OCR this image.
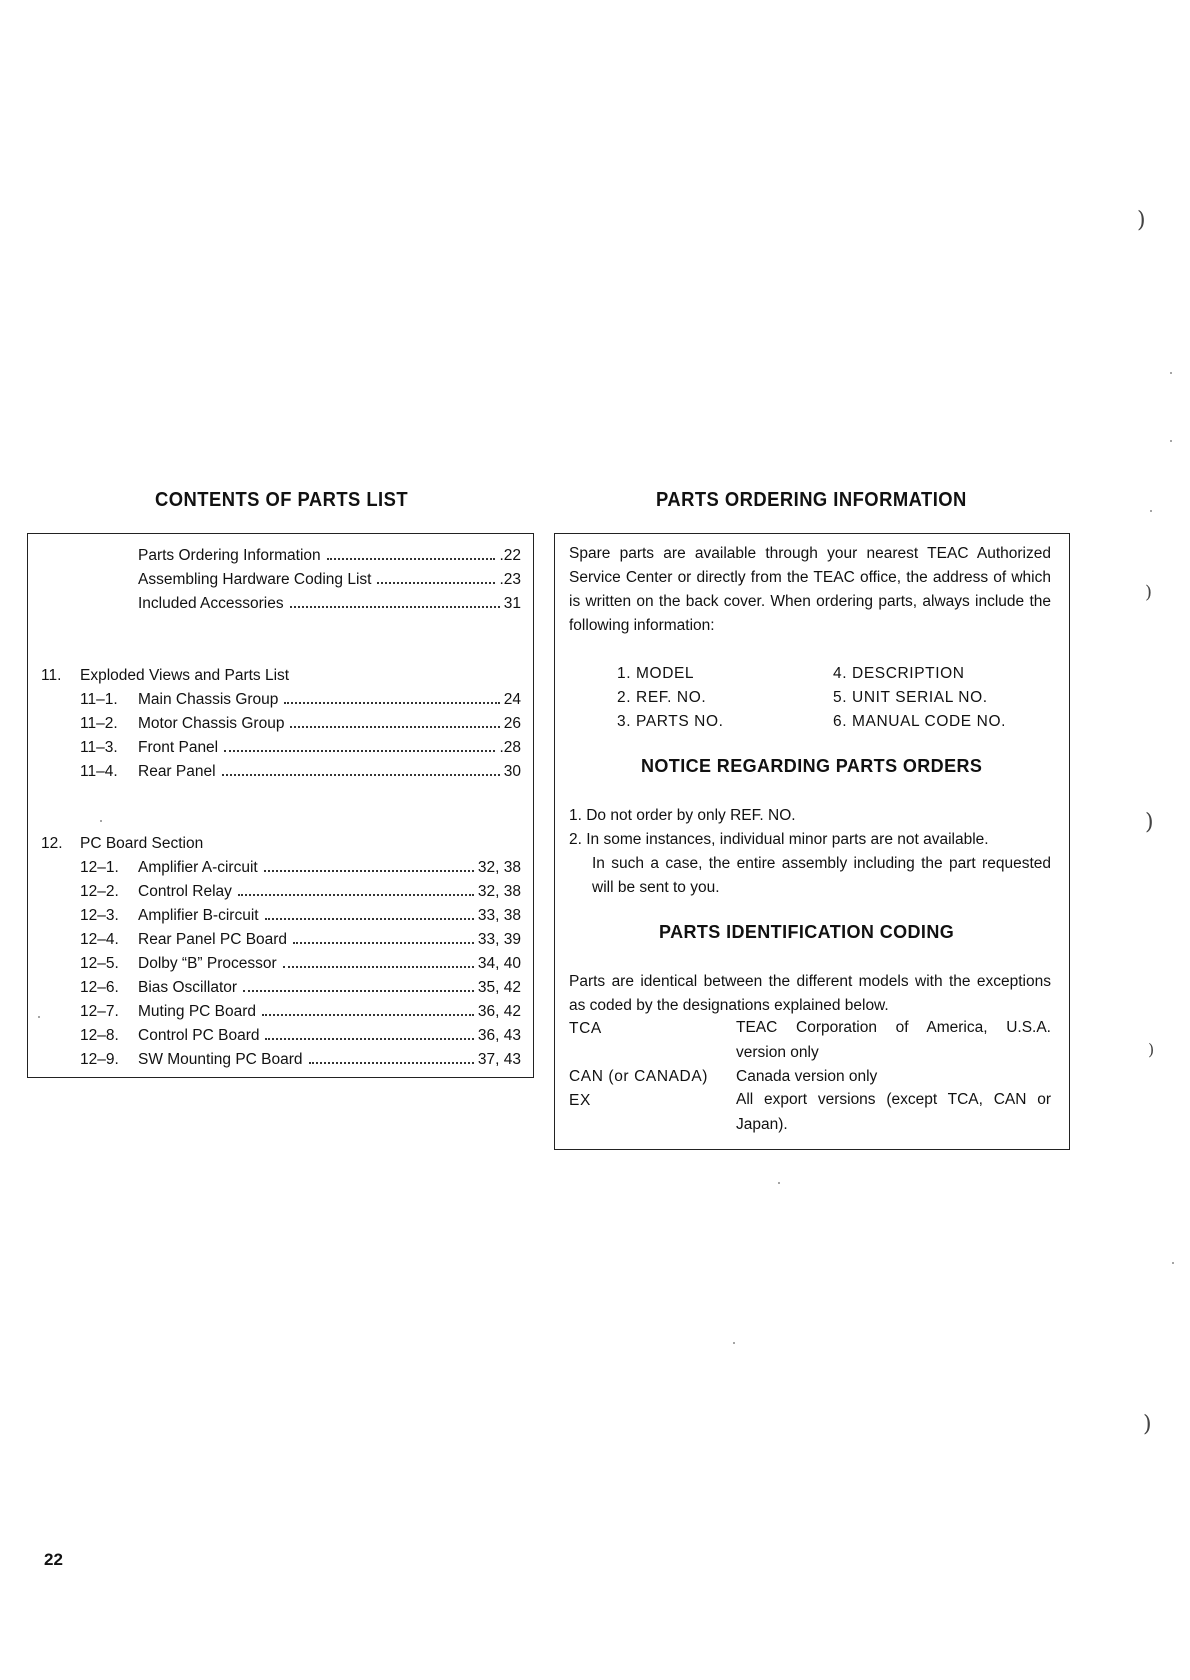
CONTENTS OF PARTS LIST
Parts Ordering Information	.22
Assembling Hardware Coding List	.23
Included Accessories	31
11. Exploded Views and Parts List
11–1. Main Chassis Group	24
11–2. Motor Chassis Group	26
11–3. Front Panel	.28
11–4. Rear Panel	30
12. PC Board Section
12–1. Amplifier A-circuit	32, 38
12–2. Control Relay	32, 38
12–3. Amplifier B-circuit	33, 38
12–4. Rear Panel PC Board	33, 39
12–5. Dolby “B” Processor	34, 40
12–6. Bias Oscillator	35, 42
12–7. Muting PC Board	36, 42
12–8. Control PC Board	36, 43
12–9. SW Mounting PC Board	37, 43
PARTS ORDERING INFORMATION
Spare parts are available through your nearest TEAC Authorized
Service Center or directly from the TEAC office, the address of which
is written on the back cover. When ordering parts, always include the
following information:
1. MODEL
2. REF. NO.
3. PARTS NO.
4. DESCRIPTION
5. UNIT SERIAL NO.
6. MANUAL CODE NO.
NOTICE REGARDING PARTS ORDERS
1. Do not order by only REF. NO.
2. In some instances, individual minor parts are not available.
In such a case, the entire assembly including the part requested
will be sent to you.
PARTS IDENTIFICATION CODING
Parts are identical between the different models with the exceptions
as coded by the designations explained below.
TCA	TEAC Corporation of America, U.S.A.
version only
CAN (or CANADA) Canada version only
EX	All export versions (except TCA, CAN or
Japan).
22
)
)
)
)
)
